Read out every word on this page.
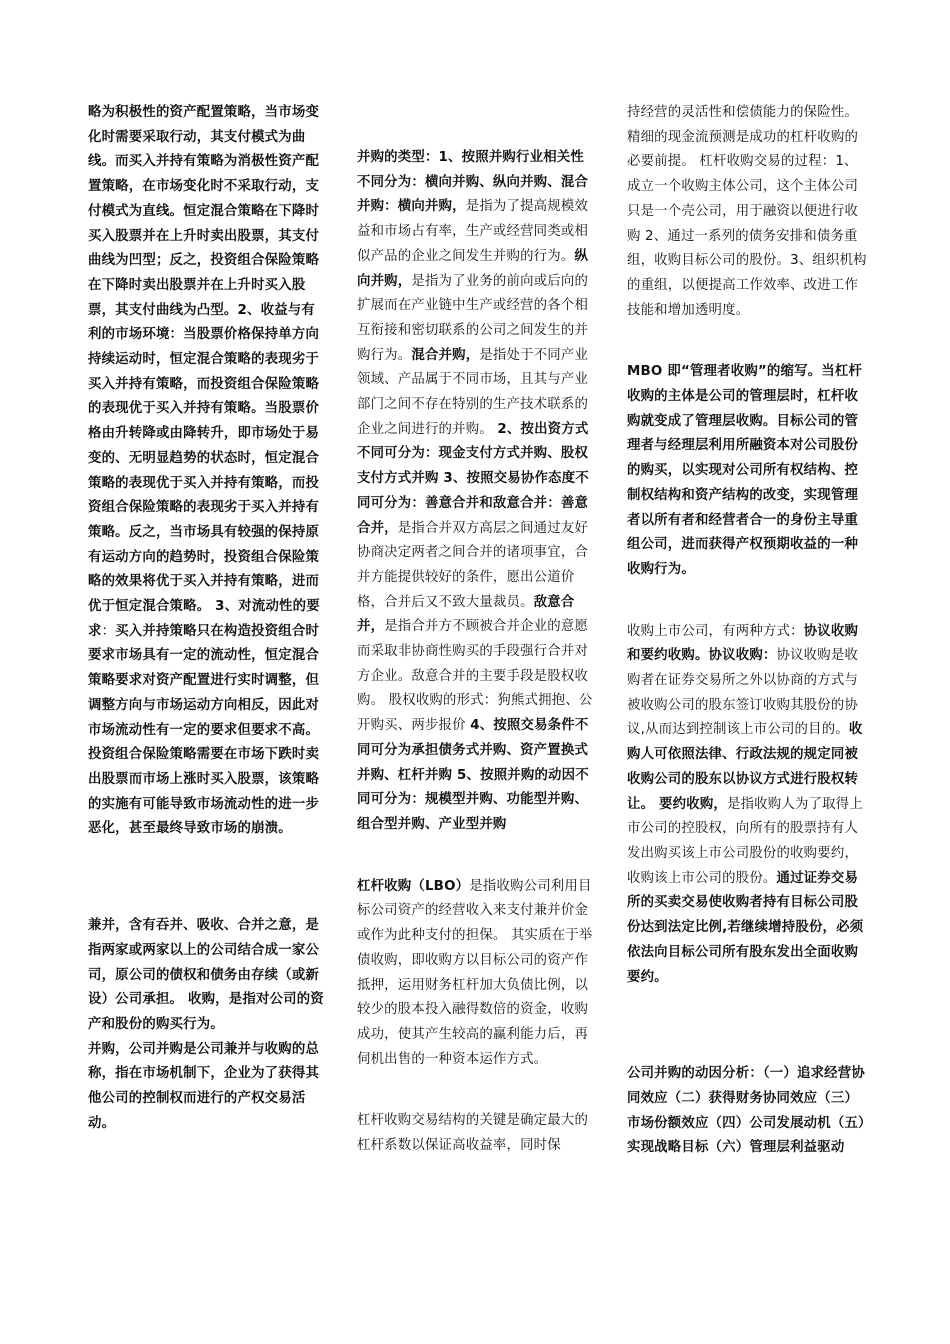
略为积极性的资产配置策略，当市场变化时需要采取行动，其支付模式为曲线。而买入并持有策略为消极性资产配置策略，在市场变化时不采取行动，支付模式为直线。恒定混合策略在下降时买入股票并在上升时卖出股票，其支付曲线为凹型；反之，投资组合保险策略在下降时卖出股票并在上升时买入股票，其支付曲线为凸型。2、收益与有利的市场环境：当股票价格保持单方向持续运动时，恒定混合策略的表现劣于买入并持有策略，而投资组合保险策略的表现优于买入并持有策略。当股票价格由升转降或由降转升，即市场处于易变的、无明显趋势的状态时，恒定混合策略的表现优于买入并持有策略，而投资组合保险策略的表现劣于买入并持有策略。反之，当市场具有较强的保持原有运动方向的趋势时，投资组合保险策略的效果将优于买入并持有策略，进而优于恒定混合策略。 3、对流动性的要求：买入并持策略只在构造投资组合时要求市场具有一定的流动性，恒定混合策略要求对资产配置进行实时调整，但调整方向与市场运动方向相反，因此对市场流动性有一定的要求但要求不高。投资组合保险策略需要在市场下跌时卖出股票而市场上涨时买入股票，该策略的实施有可能导致市场流动性的进一步恶化，甚至最终导致市场的崩溃。

兼并，含有吞并、吸收、合并之意，是指两家或两家以上的公司结合成一家公司，原公司的债权和债务由存续（或新设）公司承担。 收购，是指对公司的资产和股份的购买行为。

并购，公司并购是公司兼并与收购的总称，指在市场机制下，企业为了获得其他公司的控制权而进行的产权交易活动。

并购的类型：1、按照并购行业相关性不同分为：横向并购、纵向并购、混合并购：横向并购，是指为了提高规模效益和市场占有率，生产或经营同类或相似产品的企业之间发生并购的行为。纵向并购，是指为了业务的前向或后向的扩展而在产业链中生产或经营的各个相互衔接和密切联系的公司之间发生的并购行为。混合并购，是指处于不同产业领域、产品属于不同市场，且其与产业部门之间不存在特别的生产技术联系的企业之间进行的并购。 2、按出资方式不同可分为：现金支付方式并购、股权支付方式并购 3、按照交易协作态度不同可分为：善意合并和敌意合并：善意合并，是指合并双方高层之间通过友好协商决定两者之间合并的诸项事宜，合并方能提供较好的条件，愿出公道价格，合并后又不致大量裁员。敌意合并，是指合并方不顾被合并企业的意愿而采取非协商性购买的手段强行合并对方企业。敌意合并的主要手段是股权收购。 股权收购的形式：狗熊式拥抱、公开购买、两步报价 4、按照交易条件不同可分为承担债务式并购、资产置换式并购、杠杆并购 5、按照并购的动因不同可分为：规模型并购、功能型并购、组合型并购、产业型并购

杠杆收购（LBO）是指收购公司利用目标公司资产的经营收入来支付兼并价金或作为此种支付的担保。 其实质在于举债收购，即收购方以目标公司的资产作抵押，运用财务杠杆加大负债比例，以较少的股本投入融得数倍的资金，收购成功，使其产生较高的赢利能力后，再伺机出售的一种资本运作方式。

杠杆收购交易结构的关键是确定最大的杠杆系数以保证高收益率，同时保

持经营的灵活性和偿债能力的保险性。精细的现金流预测是成功的杠杆收购的必要前提。 杠杆收购交易的过程：1、成立一个收购主体公司，这个主体公司只是一个壳公司，用于融资以便进行收购 2、通过一系列的债务安排和债务重组，收购目标公司的股份。3、组织机构的重组，以便提高工作效率、改进工作技能和增加透明度。

MBO 即“管理者收购”的缩写。当杠杆收购的主体是公司的管理层时，杠杆收购就变成了管理层收购。目标公司的管理者与经理层利用所融资本对公司股份的购买，以实现对公司所有权结构、控制权结构和资产结构的改变，实现管理者以所有者和经营者合一的身份主导重组公司，进而获得产权预期收益的一种收购行为。

收购上市公司，有两种方式：协议收购和要约收购。协议收购：协议收购是收购者在证券交易所之外以协商的方式与被收购公司的股东签订收购其股份的协议,从而达到控制该上市公司的目的。收购人可依照法律、行政法规的规定同被收购公司的股东以协议方式进行股权转让。 要约收购，是指收购人为了取得上市公司的控股权，向所有的股票持有人发出购买该上市公司股份的收购要约，收购该上市公司的股份。通过证券交易所的买卖交易使收购者持有目标公司股份达到法定比例,若继续增持股份，必须依法向目标公司所有股东发出全面收购要约。

公司并购的动因分析：（一）追求经营协同效应（二）获得财务协同效应（三）市场份额效应（四）公司发展动机（五）实现战略目标（六）管理层利益驱动
